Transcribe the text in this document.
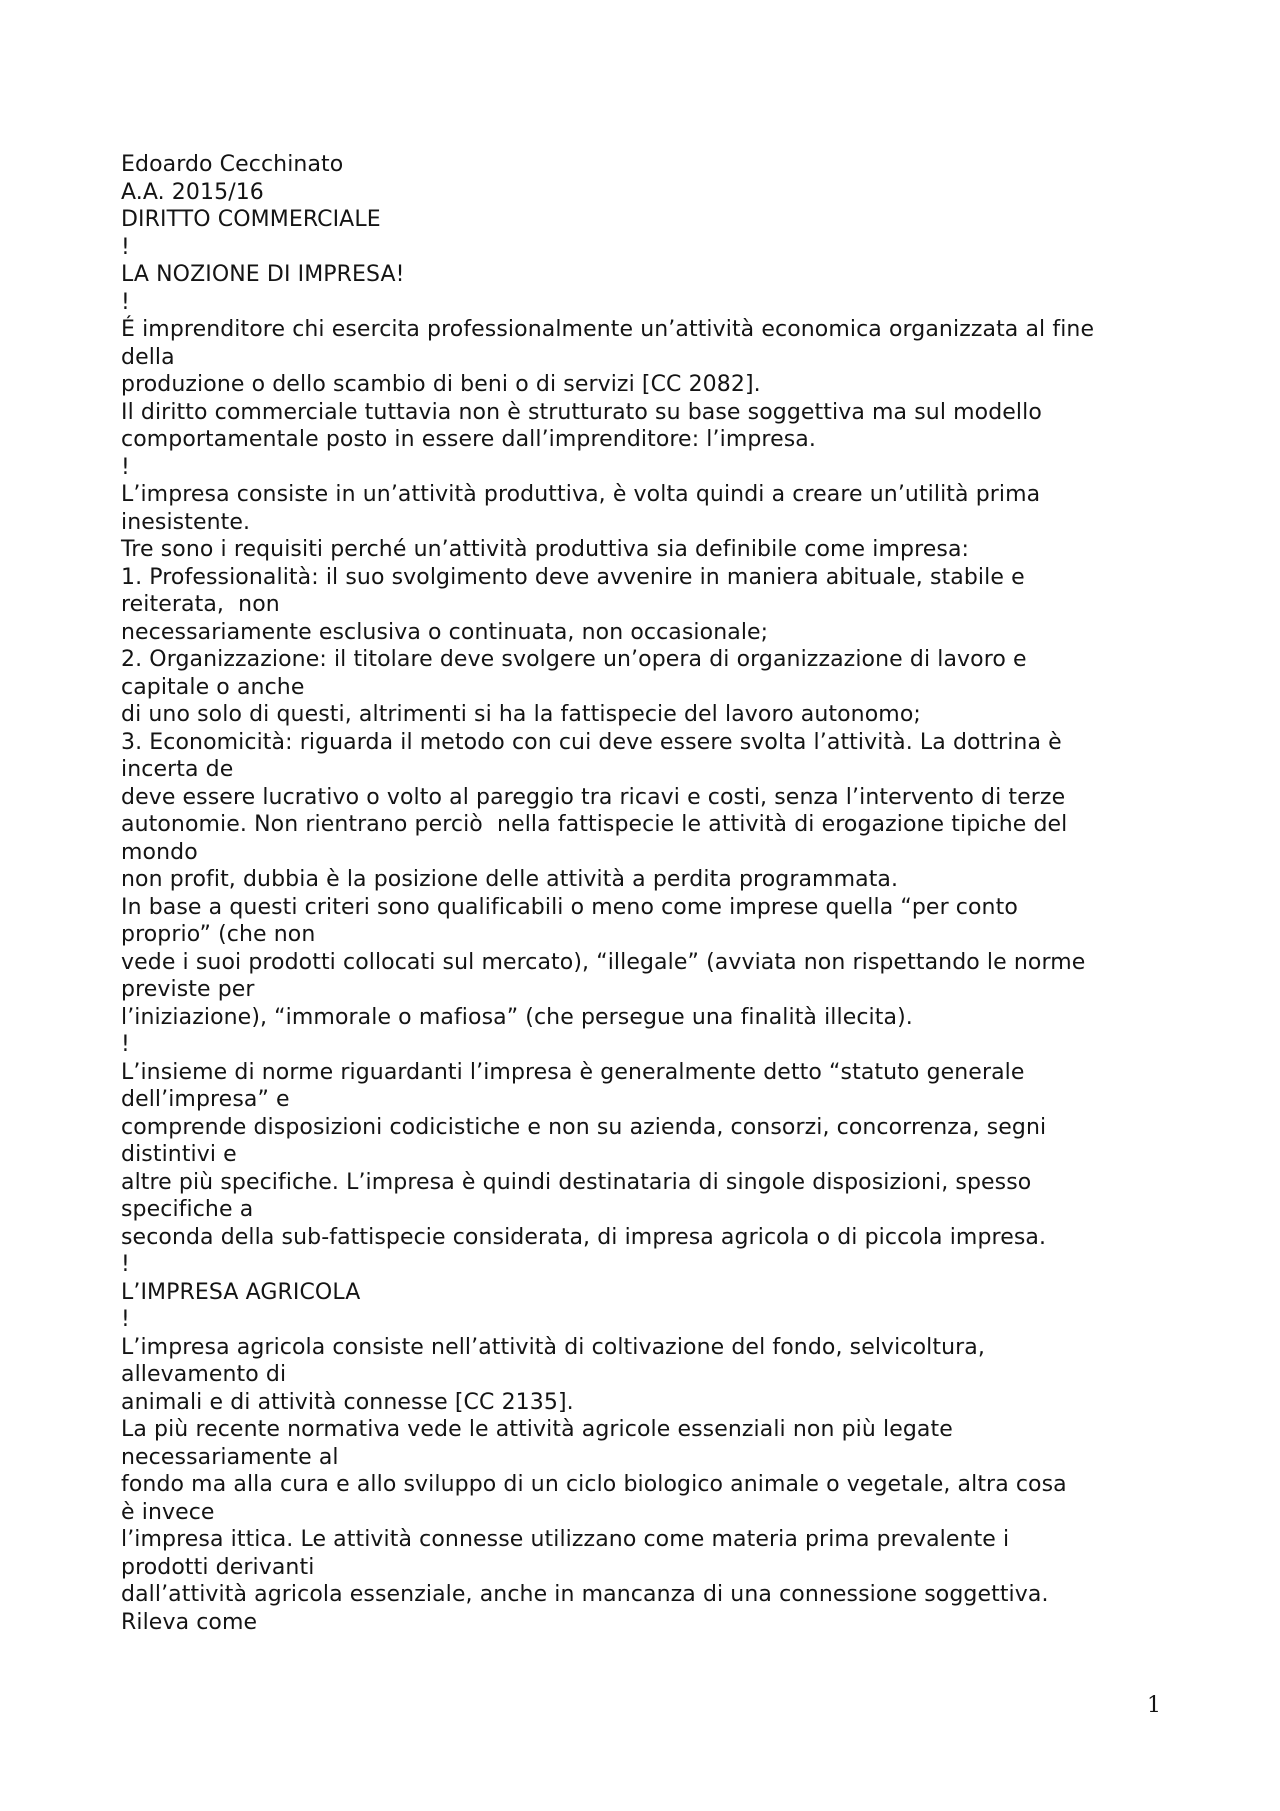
Edoardo Cecchinato
A.A. 2015/16
DIRITTO COMMERCIALE
!
LA NOZIONE DI IMPRESA!
!
É imprenditore chi esercita professionalmente un’attività economica organizzata al fine
della
produzione o dello scambio di beni o di servizi [CC 2082].
Il diritto commerciale tuttavia non è strutturato su base soggettiva ma sul modello
comportamentale posto in essere dall’imprenditore: l’impresa.
!
L’impresa consiste in un’attività produttiva, è volta quindi a creare un’utilità prima
inesistente.
Tre sono i requisiti perché un’attività produttiva sia definibile come impresa:
1. Professionalità: il suo svolgimento deve avvenire in maniera abituale, stabile e
reiterata,  non
necessariamente esclusiva o continuata, non occasionale;
2. Organizzazione: il titolare deve svolgere un’opera di organizzazione di lavoro e
capitale o anche
di uno solo di questi, altrimenti si ha la fattispecie del lavoro autonomo;
3. Economicità: riguarda il metodo con cui deve essere svolta l’attività. La dottrina è
incerta de
deve essere lucrativo o volto al pareggio tra ricavi e costi, senza l’intervento di terze
autonomie. Non rientrano perciò  nella fattispecie le attività di erogazione tipiche del
mondo
non profit, dubbia è la posizione delle attività a perdita programmata.
In base a questi criteri sono qualificabili o meno come imprese quella “per conto
proprio” (che non
vede i suoi prodotti collocati sul mercato), “illegale” (avviata non rispettando le norme
previste per
l’iniziazione), “immorale o mafiosa” (che persegue una finalità illecita).
!
L’insieme di norme riguardanti l’impresa è generalmente detto “statuto generale
dell’impresa” e
comprende disposizioni codicistiche e non su azienda, consorzi, concorrenza, segni
distintivi e
altre più specifiche. L’impresa è quindi destinataria di singole disposizioni, spesso
specifiche a
seconda della sub-fattispecie considerata, di impresa agricola o di piccola impresa.
!
L’IMPRESA AGRICOLA
!
L’impresa agricola consiste nell’attività di coltivazione del fondo, selvicoltura,
allevamento di
animali e di attività connesse [CC 2135].
La più recente normativa vede le attività agricole essenziali non più legate
necessariamente al
fondo ma alla cura e allo sviluppo di un ciclo biologico animale o vegetale, altra cosa
è invece
l’impresa ittica. Le attività connesse utilizzano come materia prima prevalente i
prodotti derivanti
dall’attività agricola essenziale, anche in mancanza di una connessione soggettiva.
Rileva come
1
